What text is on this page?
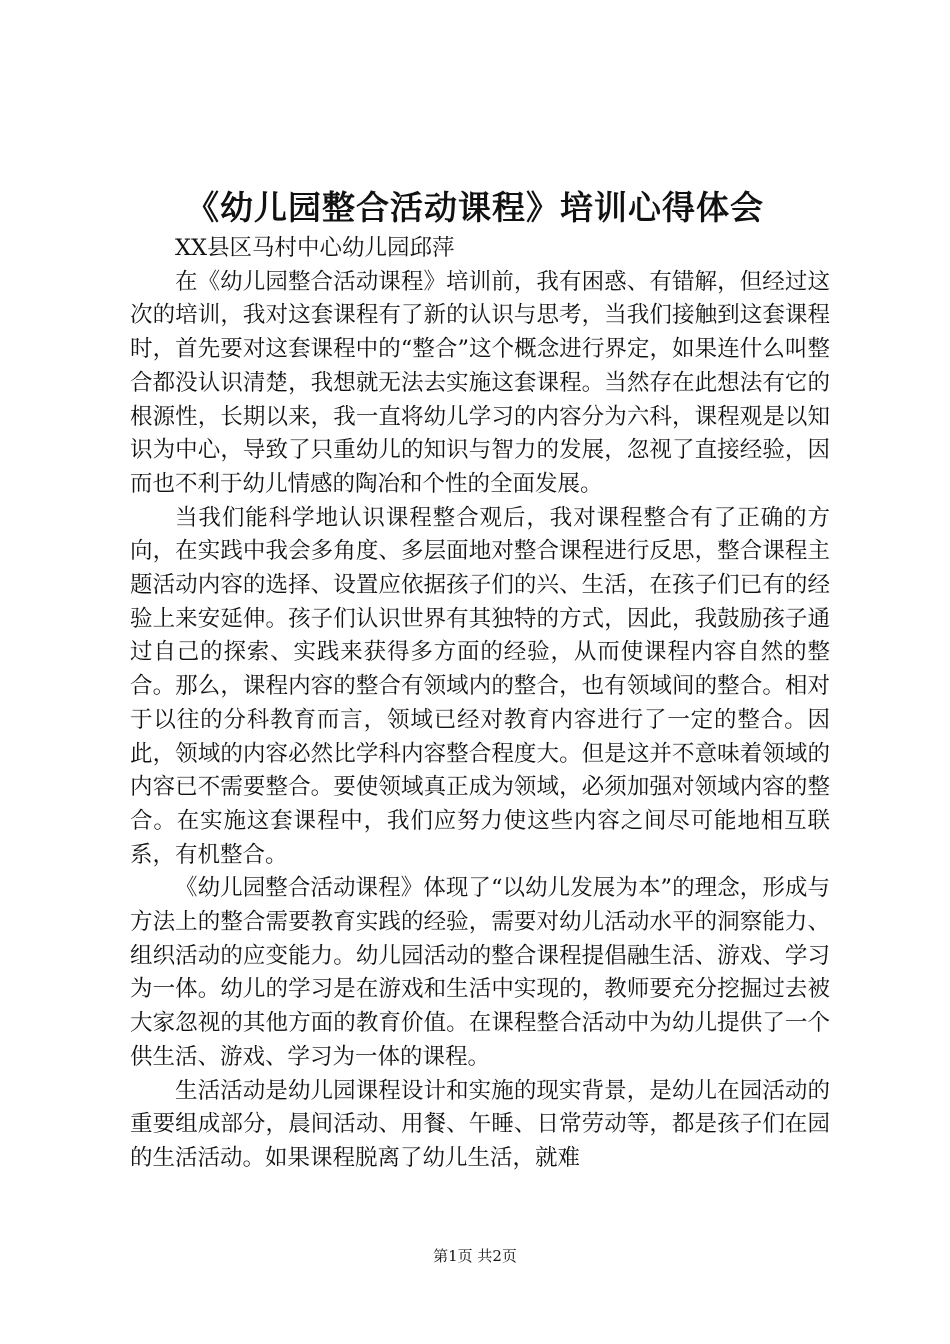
《幼儿园整合活动课程》培训心得体会

XX县区马村中心幼儿园邱萍

在《幼儿园整合活动课程》培训前，我有困惑、有错解，但经过这次的培训，我对这套课程有了新的认识与思考，当我们接触到这套课程时，首先要对这套课程中的“整合”这个概念进行界定，如果连什么叫整合都没认识清楚，我想就无法去实施这套课程。当然存在此想法有它的根源性，长期以来，我一直将幼儿学习的内容分为六科，课程观是以知识为中心，导致了只重幼儿的知识与智力的发展，忽视了直接经验，因而也不利于幼儿情感的陶冶和个性的全面发展。

当我们能科学地认识课程整合观后，我对课程整合有了正确的方向，在实践中我会多角度、多层面地对整合课程进行反思，整合课程主题活动内容的选择、设置应依据孩子们的兴、生活，在孩子们已有的经验上来安延伸。孩子们认识世界有其独特的方式，因此，我鼓励孩子通过自己的探索、实践来获得多方面的经验，从而使课程内容自然的整合。那么，课程内容的整合有领域内的整合，也有领域间的整合。相对于以往的分科教育而言，领域已经对教育内容进行了一定的整合。因此，领域的内容必然比学科内容整合程度大。但是这并不意味着领域的内容已不需要整合。要使领域真正成为领域，必须加强对领域内容的整合。在实施这套课程中，我们应努力使这些内容之间尽可能地相互联系，有机整合。

《幼儿园整合活动课程》体现了“以幼儿发展为本”的理念，形成与方法上的整合需要教育实践的经验，需要对幼儿活动水平的洞察能力、组织活动的应变能力。幼儿园活动的整合课程提倡融生活、游戏、学习为一体。幼儿的学习是在游戏和生活中实现的，教师要充分挖掘过去被大家忽视的其他方面的教育价值。在课程整合活动中为幼儿提供了一个供生活、游戏、学习为一体的课程。

生活活动是幼儿园课程设计和实施的现实背景，是幼儿在园活动的重要组成部分，晨间活动、用餐、午睡、日常劳动等，都是孩子们在园的生活活动。如果课程脱离了幼儿生活，就难

第1页 共2页
